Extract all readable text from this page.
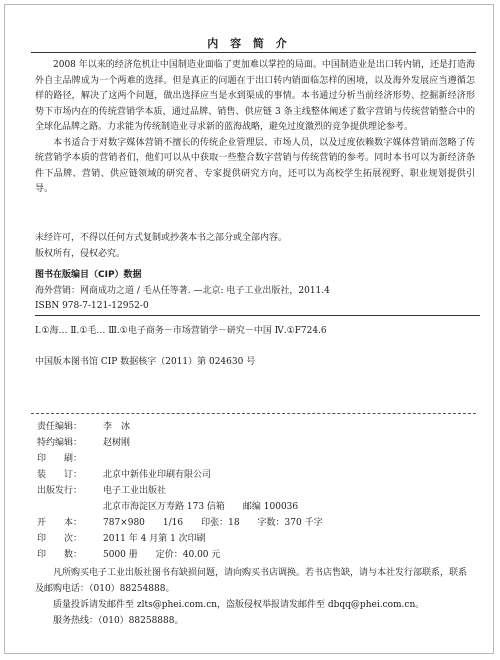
内 容 简 介

2008 年以来的经济危机让中国制造业面临了更加难以掌控的局面。中国制造业是出口转内销，还是打造海外自主品牌成为一个两难的选择。但是真正的问题在于出口转内销面临怎样的困境，以及海外发展应当遵循怎样的路径，解决了这两个问题，做出选择应当是水到渠成的事情。本书通过分析当前经济形势、挖掘新经济形势下市场内在的传统营销学本质，通过品牌、销售、供应链 3 条主线整体阐述了数字营销与传统营销整合中的全球化品牌之路。力求能为传统制造业寻求新的蓝海战略，避免过度激烈的竞争提供理论参考。

本书适合于对数字媒体营销不擅长的传统企业管理层、市场人员，以及过度依赖数字媒体营销而忽略了传统营销学本质的营销者们，他们可以从中获取一些整合数字营销与传统营销的参考。同时本书可以为新经济条件下品牌、营销、供应链领域的研究者、专家提供研究方向，还可以为高校学生拓展视野、职业规划提供引导。

未经许可，不得以任何方式复制或抄袭本书之部分或全部内容。

版权所有，侵权必究。

图书在版编目（CIP）数据
海外营销：网商成功之道 / 毛从任等著. —北京: 电子工业出版社，2011.4
ISBN 978-7-121-12952-0
Ⅰ.①海… Ⅱ.①毛… Ⅲ.①电子商务－市场营销学－研究－中国 Ⅳ.①F724.6
中国版本图书馆 CIP 数据核字（2011）第 024630 号
责任编辑：	李　冰
特约编辑：	赵树刚
印　　刷：
装　　订：	北京中新伟业印刷有限公司
出版发行：	电子工业出版社
北京市海淀区万寿路 173 信箱　　邮编 100036
开　　本：	787×980　　1/16　　印张：18　　字数：370 千字
印　　次：	2011 年 4 月第 1 次印刷
印　　数：	5000 册　　定价：40.00 元

凡所购买电子工业出版社图书有缺损问题，请向购买书店调换。若书店售缺，请与本社发行部联系，联系及邮购电话：（010）88254888。

质量投诉请发邮件至 zlts@phei.com.cn，盗版侵权举报请发邮件至 dbqq@phei.com.cn。

服务热线：（010）88258888。
